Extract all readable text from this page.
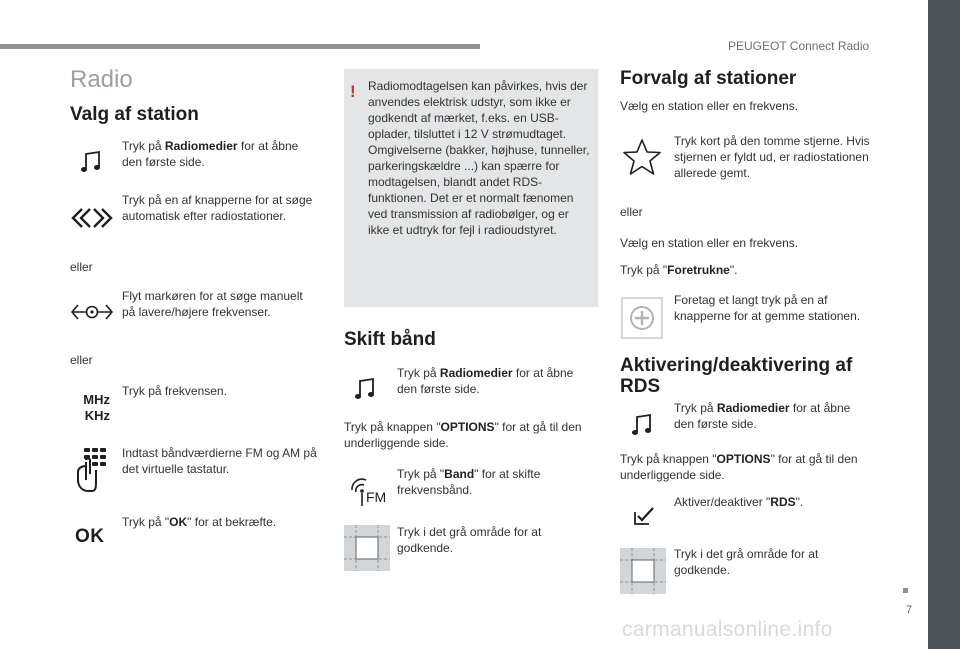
PEUGEOT Connect Radio
7
carmanualsonline.info
Radio
Valg af station
Tryk på Radiomedier for at åbne den første side.
Tryk på en af knapperne for at søge automatisk efter radiostationer.
eller
Flyt markøren for at søge manuelt på lavere/højere frekvenser.
eller
MHz
KHz
Tryk på frekvensen.
Indtast båndværdierne FM og AM på det virtuelle tastatur.
OK
Tryk på "OK" for at bekræfte.
! Radiomodtagelsen kan påvirkes, hvis der anvendes elektrisk udstyr, som ikke er godkendt af mærket, f.eks. en USB-oplader, tilsluttet i 12 V strømudtaget. Omgivelserne (bakker, højhuse, tunneller, parkeringskældre ...) kan spærre for modtagelsen, blandt andet RDS-funktionen. Det er et normalt fænomen ved transmission af radiobølger, og er ikke et udtryk for fejl i radioudstyret.
Skift bånd
Tryk på Radiomedier for at åbne den første side.
Tryk på knappen "OPTIONS" for at gå til den underliggende side.
FM
Tryk på "Band" for at skifte frekvensbånd.
Tryk i det grå område for at godkende.
Forvalg af stationer
Vælg en station eller en frekvens.
Tryk kort på den tomme stjerne. Hvis stjernen er fyldt ud, er radiostationen allerede gemt.
eller
Vælg en station eller en frekvens.
Tryk på "Foretrukne".
Foretag et langt tryk på en af knapperne for at gemme stationen.
Aktivering/deaktivering af RDS
Tryk på Radiomedier for at åbne den første side.
Tryk på knappen "OPTIONS" for at gå til den underliggende side.
Aktiver/deaktiver "RDS".
Tryk i det grå område for at godkende.
